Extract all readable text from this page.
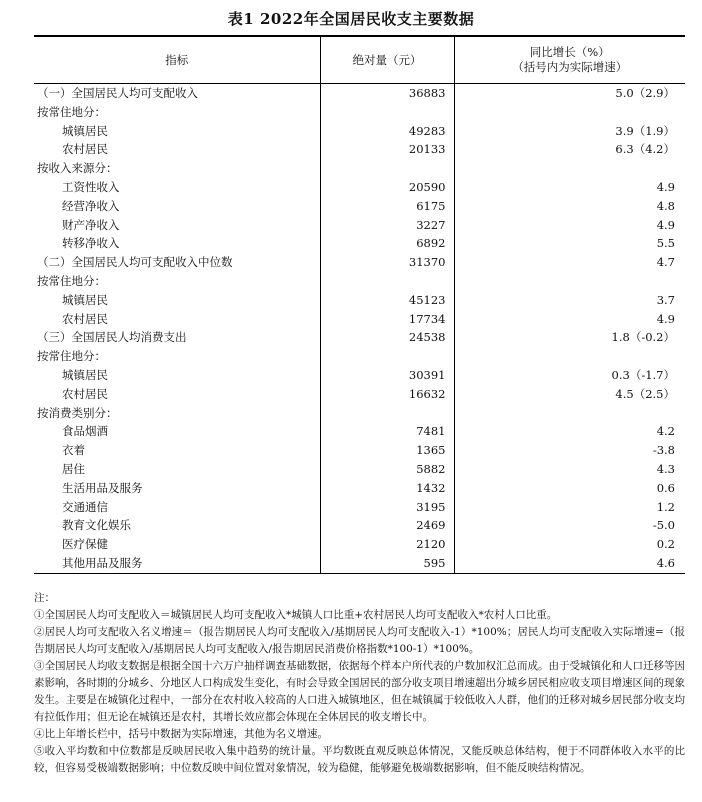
表1 2022年全国居民收支主要数据
指标	绝对量（元）	同比增长（%）
（括号内为实际增速）

（一）全国居民人均可支配收入	36883	5.0（2.9）
按常住地分：		
城镇居民	49283	3.9（1.9）
农村居民	20133	6.3（4.2）
按收入来源分：		
工资性收入	20590	4.9
经营净收入	6175	4.8
财产净收入	3227	4.9
转移净收入	6892	5.5
（二）全国居民人均可支配收入中位数	31370	4.7
按常住地分：		
城镇居民	45123	3.7
农村居民	17734	4.9
（三）全国居民人均消费支出	24538	1.8（-0.2）
按常住地分：		
城镇居民	30391	0.3（-1.7）
农村居民	16632	4.5（2.5）
按消费类别分：		
食品烟酒	7481	4.2
衣着	1365	-3.8
居住	5882	4.3
生活用品及服务	1432	0.6
交通通信	3195	1.2
教育文化娱乐	2469	-5.0
医疗保健	2120	0.2
其他用品及服务	595	4.6
注：
①全国居民人均可支配收入＝城镇居民人均可支配收入*城镇人口比重+农村居民人均可支配收入*农村人口比重。
②居民人均可支配收入名义增速＝（报告期居民人均可支配收入/基期居民人均可支配收入-1）*100%；居民人均可支配收入实际增速=（报告期居民人均可支配收入/基期居民人均可支配收入/报告期居民消费价格指数*100-1）*100%。
③全国居民人均收支数据是根据全国十六万户抽样调查基础数据，依据每个样本户所代表的户数加权汇总而成。由于受城镇化和人口迁移等因素影响，各时期的分城乡、分地区人口构成发生变化，有时会导致全国居民的部分收支项目增速超出分城乡居民相应收支项目增速区间的现象发生。主要是在城镇化过程中，一部分在农村收入较高的人口进入城镇地区，但在城镇属于较低收入人群，他们的迁移对城乡居民部分收支均有拉低作用；但无论在城镇还是农村，其增长效应都会体现在全体居民的收支增长中。
④比上年增长栏中，括号中数据为实际增速，其他为名义增速。
⑤收入平均数和中位数都是反映居民收入集中趋势的统计量。平均数既直观反映总体情况，又能反映总体结构，便于不同群体收入水平的比较，但容易受极端数据影响；中位数反映中间位置对象情况，较为稳健，能够避免极端数据影响，但不能反映结构情况。
